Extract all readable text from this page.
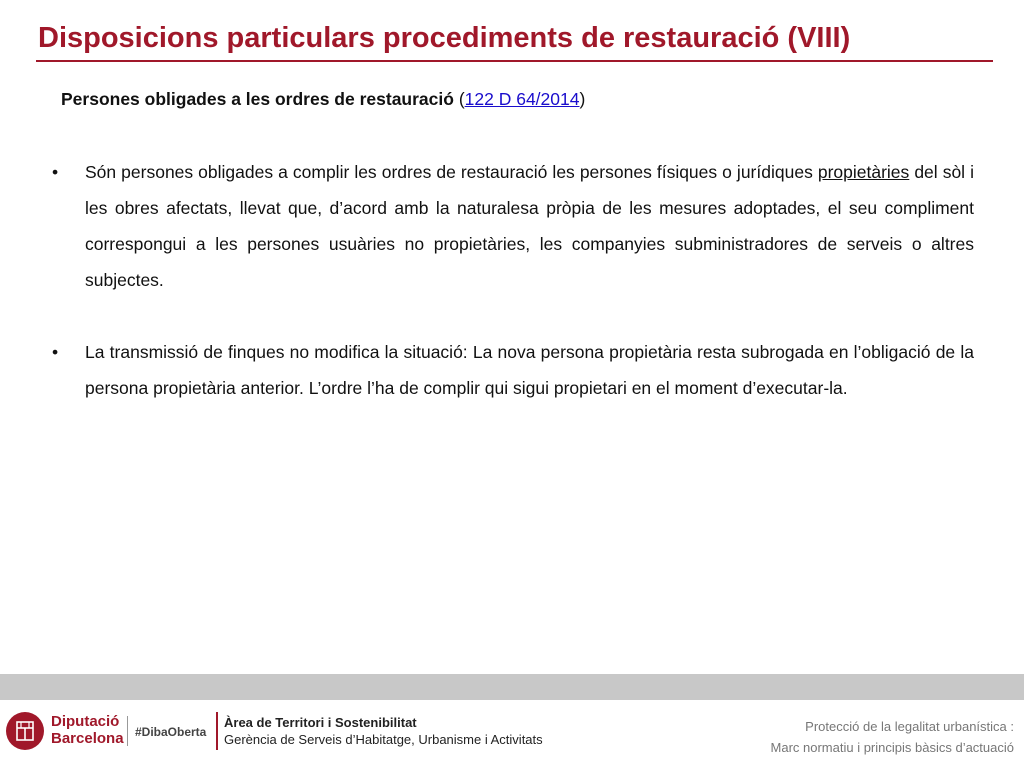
Disposicions particulars procediments de restauració (VIII)
Persones obligades a les ordres de restauració (122 D 64/2014)
• Són persones obligades a complir les ordres de restauració les persones físiques o jurídiques propietàries del sòl i les obres afectats, llevat que, d’acord amb la naturalesa pròpia de les mesures adoptades, el seu compliment correspongui a les persones usuàries no propietàries, les companyies subministradores de serveis o altres subjectes.
• La transmissió de finques no modifica la situació: La nova persona propietària resta subrogada en l’obligació de la persona propietària anterior. L’ordre l’ha de complir qui sigui propietari en el moment d’executar-la.
Diputació
Barcelona #DibaOberta
Àrea de Territori i Sostenibilitat
Gerència de Serveis d’Habitatge, Urbanisme i Activitats
Protecció de la legalitat urbanística :
Marc normatiu i principis bàsics d’actuació
